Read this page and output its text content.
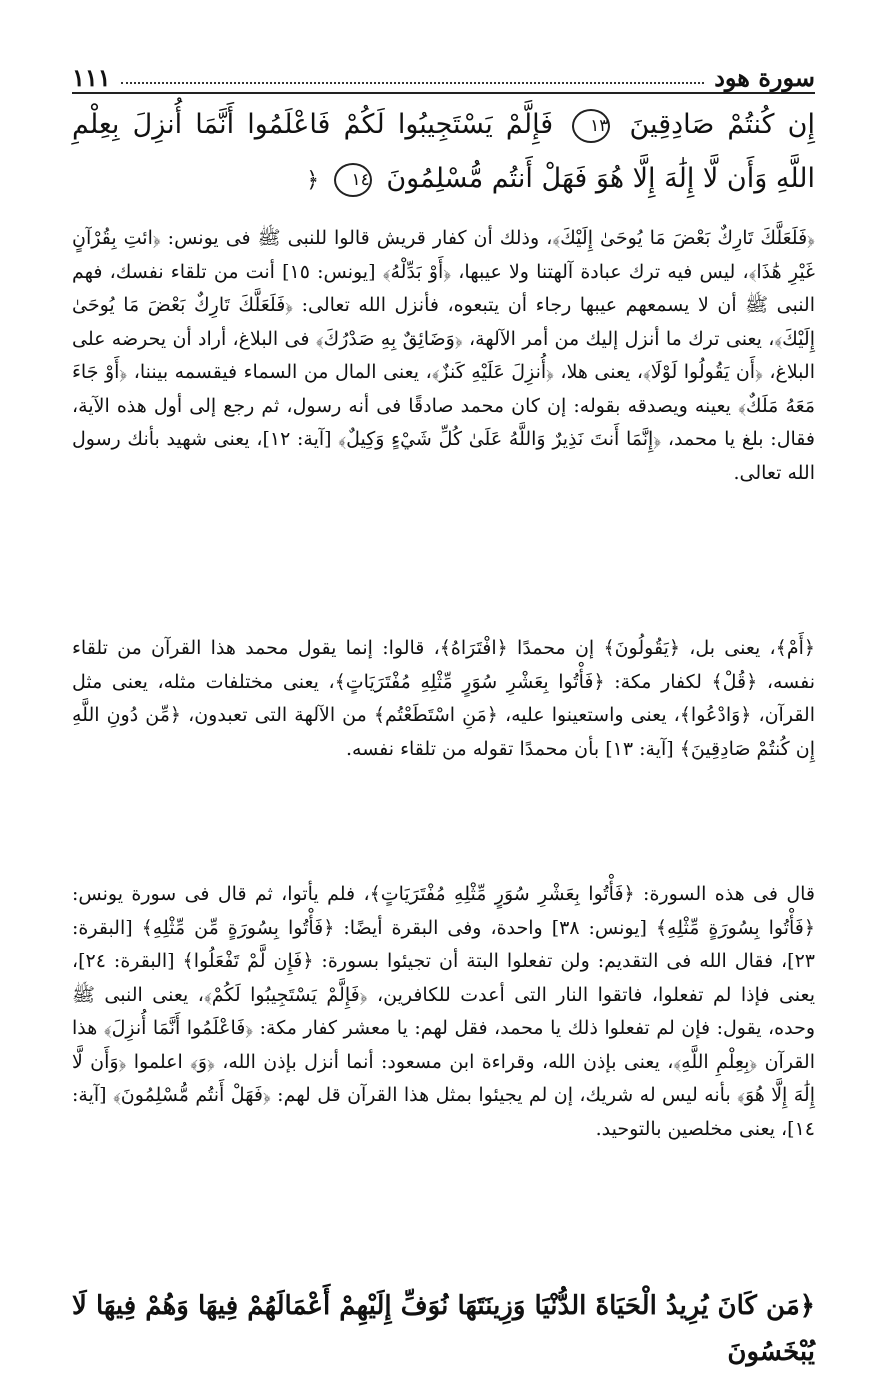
سورة هود
١١١

إِن كُنتُمْ صَادِقِينَ ١٣ فَإِلَّمْ يَسْتَجِيبُوا لَكُمْ فَاعْلَمُوا أَنَّمَا أُنزِلَ بِعِلْمِ اللَّهِ وَأَن لَّا إِلَٰهَ إِلَّا هُوَ فَهَلْ أَنتُم مُّسْلِمُونَ ١٤ ﴿

﴿فَلَعَلَّكَ تَارِكٌ بَعْضَ مَا يُوحَىٰ إِلَيْكَ﴾، وذلك أن كفار قريش قالوا للنبى ﷺ فى يونس: ﴿ائتِ بِقُرْآنٍ غَيْرِ هَٰذَا﴾، ليس فيه ترك عبادة آلهتنا ولا عيبها، ﴿أَوْ بَدِّلْهُ﴾ [يونس: ١٥] أنت من تلقاء نفسك، فهم النبى ﷺ أن لا يسمعهم عيبها رجاء أن يتبعوه، فأنزل الله تعالى: ﴿فَلَعَلَّكَ تَارِكٌ بَعْضَ مَا يُوحَىٰ إِلَيْكَ﴾، يعنى ترك ما أنزل إليك من أمر الآلهة، ﴿وَضَائِقٌ بِهِ صَدْرُكَ﴾ فى البلاغ، أراد أن يحرضه على البلاغ، ﴿أَن يَقُولُوا لَوْلَا﴾، يعنى هلا، ﴿أُنزِلَ عَلَيْهِ كَنزٌ﴾، يعنى المال من السماء فيقسمه بيننا، ﴿أَوْ جَاءَ مَعَهُ مَلَكٌ﴾ يعينه ويصدقه بقوله: إن كان محمد صادقًا فى أنه رسول، ثم رجع إلى أول هذه الآية، فقال: بلغ يا محمد، ﴿إِنَّمَا أَنتَ نَذِيرٌ وَاللَّهُ عَلَىٰ كُلِّ شَيْءٍ وَكِيلٌ﴾ [آية: ١٢]، يعنى شهيد بأنك رسول الله تعالى.

﴿أَمْ﴾، يعنى بل، ﴿يَقُولُونَ﴾ إن محمدًا ﴿افْتَرَاهُ﴾، قالوا: إنما يقول محمد هذا القرآن من تلقاء نفسه، ﴿قُلْ﴾ لكفار مكة: ﴿فَأْتُوا بِعَشْرِ سُوَرٍ مِّثْلِهِ مُفْتَرَيَاتٍ﴾، يعنى مختلفات مثله، يعنى مثل القرآن، ﴿وَادْعُوا﴾، يعنى واستعينوا عليه، ﴿مَنِ اسْتَطَعْتُم﴾ من الآلهة التى تعبدون، ﴿مِّن دُونِ اللَّهِ إِن كُنتُمْ صَادِقِينَ﴾ [آية: ١٣] بأن محمدًا تقوله من تلقاء نفسه.

قال فى هذه السورة: ﴿فَأْتُوا بِعَشْرِ سُوَرٍ مِّثْلِهِ مُفْتَرَيَاتٍ﴾، فلم يأتوا، ثم قال فى سورة يونس: ﴿فَأْتُوا بِسُورَةٍ مِّثْلِهِ﴾ [يونس: ٣٨] واحدة، وفى البقرة أيضًا: ﴿فَأْتُوا بِسُورَةٍ مِّن مِّثْلِهِ﴾ [البقرة: ٢٣]، فقال الله فى التقديم: ولن تفعلوا البتة أن تجيئوا بسورة: ﴿فَإِن لَّمْ تَفْعَلُوا﴾ [البقرة: ٢٤]، يعنى فإذا لم تفعلوا، فاتقوا النار التى أعدت للكافرين، ﴿فَإِلَّمْ يَسْتَجِيبُوا لَكُمْ﴾، يعنى النبى ﷺ وحده، يقول: فإن لم تفعلوا ذلك يا محمد، فقل لهم: يا معشر كفار مكة: ﴿فَاعْلَمُوا أَنَّمَا أُنزِلَ﴾ هذا القرآن ﴿بِعِلْمِ اللَّهِ﴾، يعنى بإذن الله، وقراءة ابن مسعود: أنما أنزل بإذن الله، ﴿وَ﴾ اعلموا ﴿وَأَن لَّا إِلَٰهَ إِلَّا هُوَ﴾ بأنه ليس له شريك، إن لم يجيئوا بمثل هذا القرآن قل لهم: ﴿فَهَلْ أَنتُم مُّسْلِمُونَ﴾ [آية: ١٤]، يعنى مخلصين بالتوحيد.

﴿مَن كَانَ يُرِيدُ الْحَيَاةَ الدُّنْيَا وَزِينَتَهَا نُوَفِّ إِلَيْهِمْ أَعْمَالَهُمْ فِيهَا وَهُمْ فِيهَا لَا يُبْخَسُونَ
